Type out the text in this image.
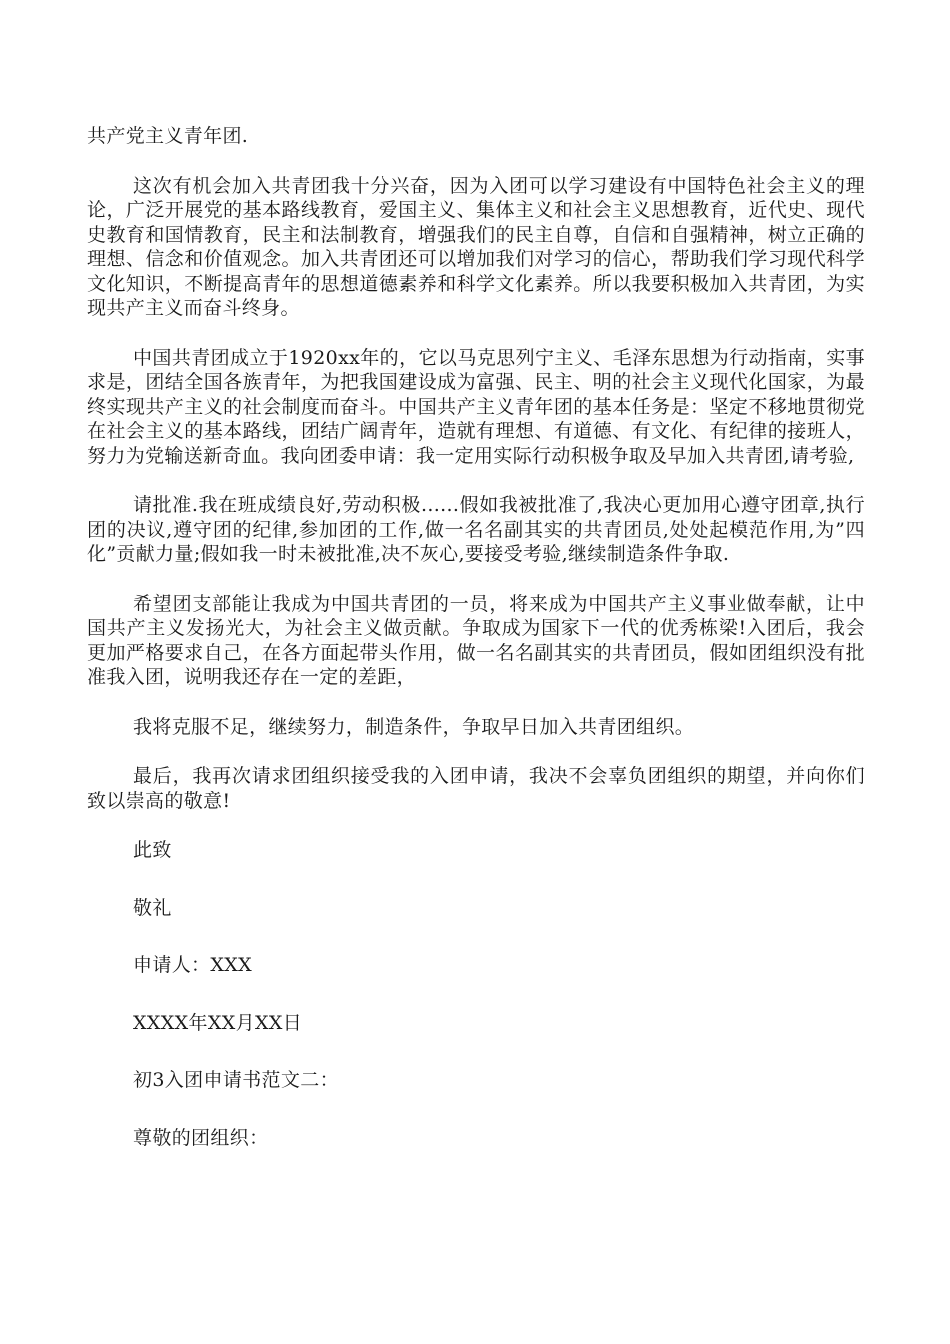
共产党主义青年团.

这次有机会加入共青团我十分兴奋，因为入团可以学习建设有中国特色社会主义的理论，广泛开展党的基本路线教育，爱国主义、集体主义和社会主义思想教育，近代史、现代史教育和国情教育，民主和法制教育，增强我们的民主自尊，自信和自强精神，树立正确的理想、信念和价值观念。加入共青团还可以增加我们对学习的信心，帮助我们学习现代科学文化知识，不断提高青年的思想道德素养和科学文化素养。所以我要积极加入共青团，为实现共产主义而奋斗终身。

中国共青团成立于1920xx年的，它以马克思列宁主义、毛泽东思想为行动指南，实事求是，团结全国各族青年，为把我国建设成为富强、民主、明的社会主义现代化国家，为最终实现共产主义的社会制度而奋斗。中国共产主义青年团的基本任务是：坚定不移地贯彻党在社会主义的基本路线，团结广阔青年，造就有理想、有道德、有文化、有纪律的接班人，努力为党输送新奇血。我向团委申请：我一定用实际行动积极争取及早加入共青团,请考验,

请批准.我在班成绩良好,劳动积极......假如我被批准了,我决心更加用心遵守团章,执行团的决议,遵守团的纪律,参加团的工作,做一名名副其实的共青团员,处处起模范作用,为”四化”贡献力量;假如我一时未被批准,决不灰心,要接受考验,继续制造条件争取.

希望团支部能让我成为中国共青团的一员，将来成为中国共产主义事业做奉献，让中国共产主义发扬光大，为社会主义做贡献。争取成为国家下一代的优秀栋梁!入团后，我会更加严格要求自己，在各方面起带头作用，做一名名副其实的共青团员，假如团组织没有批准我入团，说明我还存在一定的差距，

我将克服不足，继续努力，制造条件，争取早日加入共青团组织。

最后，我再次请求团组织接受我的入团申请，我决不会辜负团组织的期望，并向你们致以崇高的敬意!

此致

敬礼

申请人：XXX

XXXX年XX月XX日

初3入团申请书范文二：

尊敬的团组织：
